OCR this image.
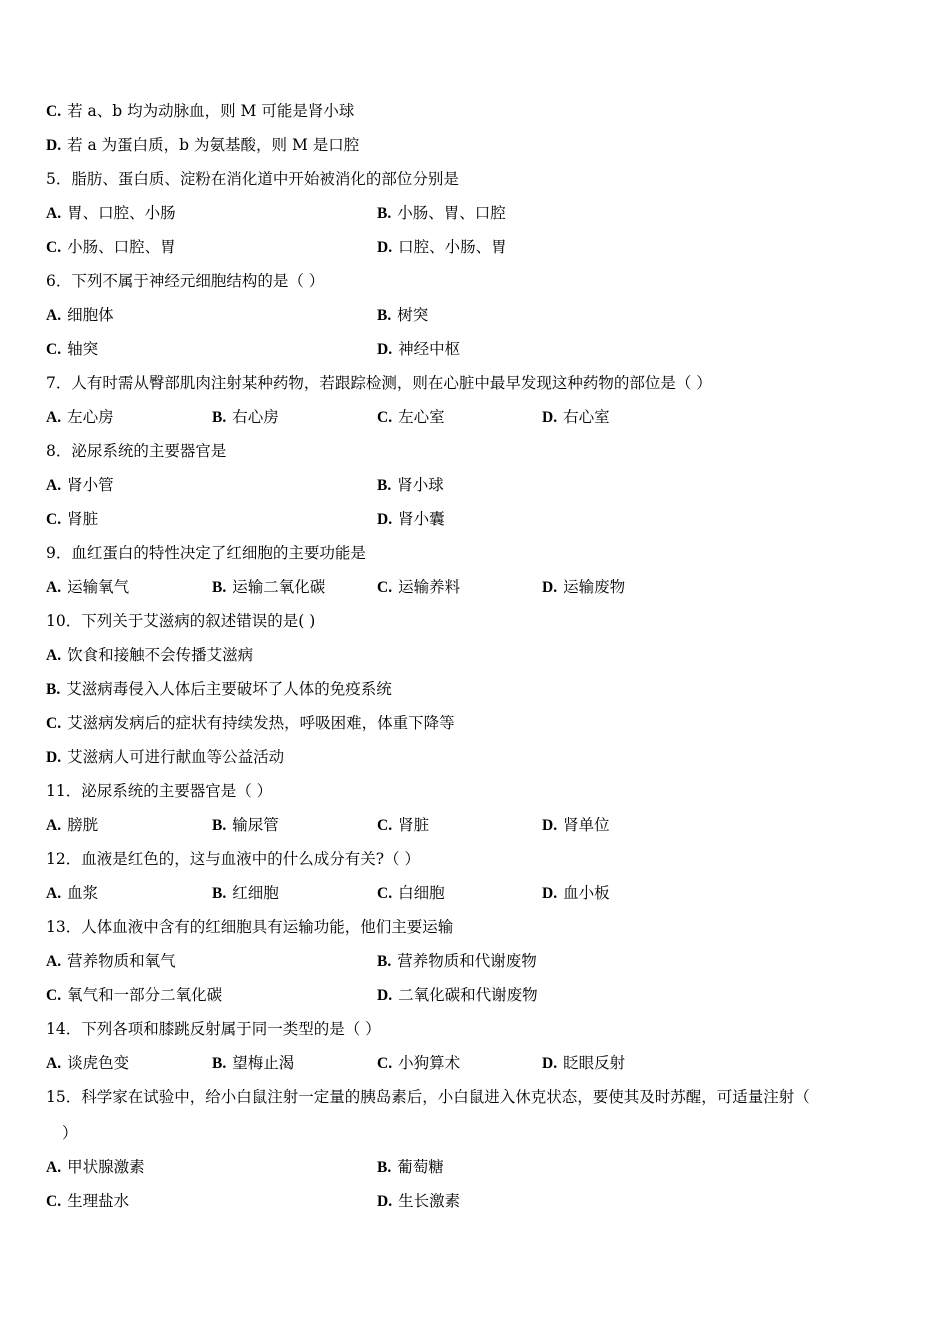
C. 若 a、b 均为动脉血，则 M 可能是肾小球
D. 若 a 为蛋白质，b 为氨基酸，则 M 是口腔
5．脂肪、蛋白质、淀粉在消化道中开始被消化的部位分别是
A. 胃、口腔、小肠	B. 小肠、胃、口腔
C. 小肠、口腔、胃	D. 口腔、小肠、胃
6．下列不属于神经元细胞结构的是（ ）
A. 细胞体	B. 树突
C. 轴突	D. 神经中枢
7．人有时需从臀部肌肉注射某种药物，若跟踪检测，则在心脏中最早发现这种药物的部位是（ ）
A. 左心房	B. 右心房	C. 左心室	D. 右心室
8．泌尿系统的主要器官是
A. 肾小管	B. 肾小球
C. 肾脏	D. 肾小囊
9．血红蛋白的特性决定了红细胞的主要功能是
A. 运输氧气	B. 运输二氧化碳	C. 运输养料	D. 运输废物
10．下列关于艾滋病的叙述错误的是( )
A. 饮食和接触不会传播艾滋病
B. 艾滋病毒侵入人体后主要破坏了人体的免疫系统
C. 艾滋病发病后的症状有持续发热，呼吸困难，体重下降等
D. 艾滋病人可进行献血等公益活动
11．泌尿系统的主要器官是（ ）
A. 膀胱	B. 输尿管	C. 肾脏	D. 肾单位
12．血液是红色的，这与血液中的什么成分有关?（ ）
A. 血浆	B. 红细胞	C. 白细胞	D. 血小板
13．人体血液中含有的红细胞具有运输功能，他们主要运输
A. 营养物质和氧气	B. 营养物质和代谢废物
C. 氧气和一部分二氧化碳	D. 二氧化碳和代谢废物
14．下列各项和膝跳反射属于同一类型的是（ ）
A. 谈虎色变	B. 望梅止渴	C. 小狗算术	D. 眨眼反射
15．科学家在试验中，给小白鼠注射一定量的胰岛素后，小白鼠进入休克状态，要使其及时苏醒，可适量注射（
）
A. 甲状腺激素	B. 葡萄糖
C. 生理盐水	D. 生长激素
